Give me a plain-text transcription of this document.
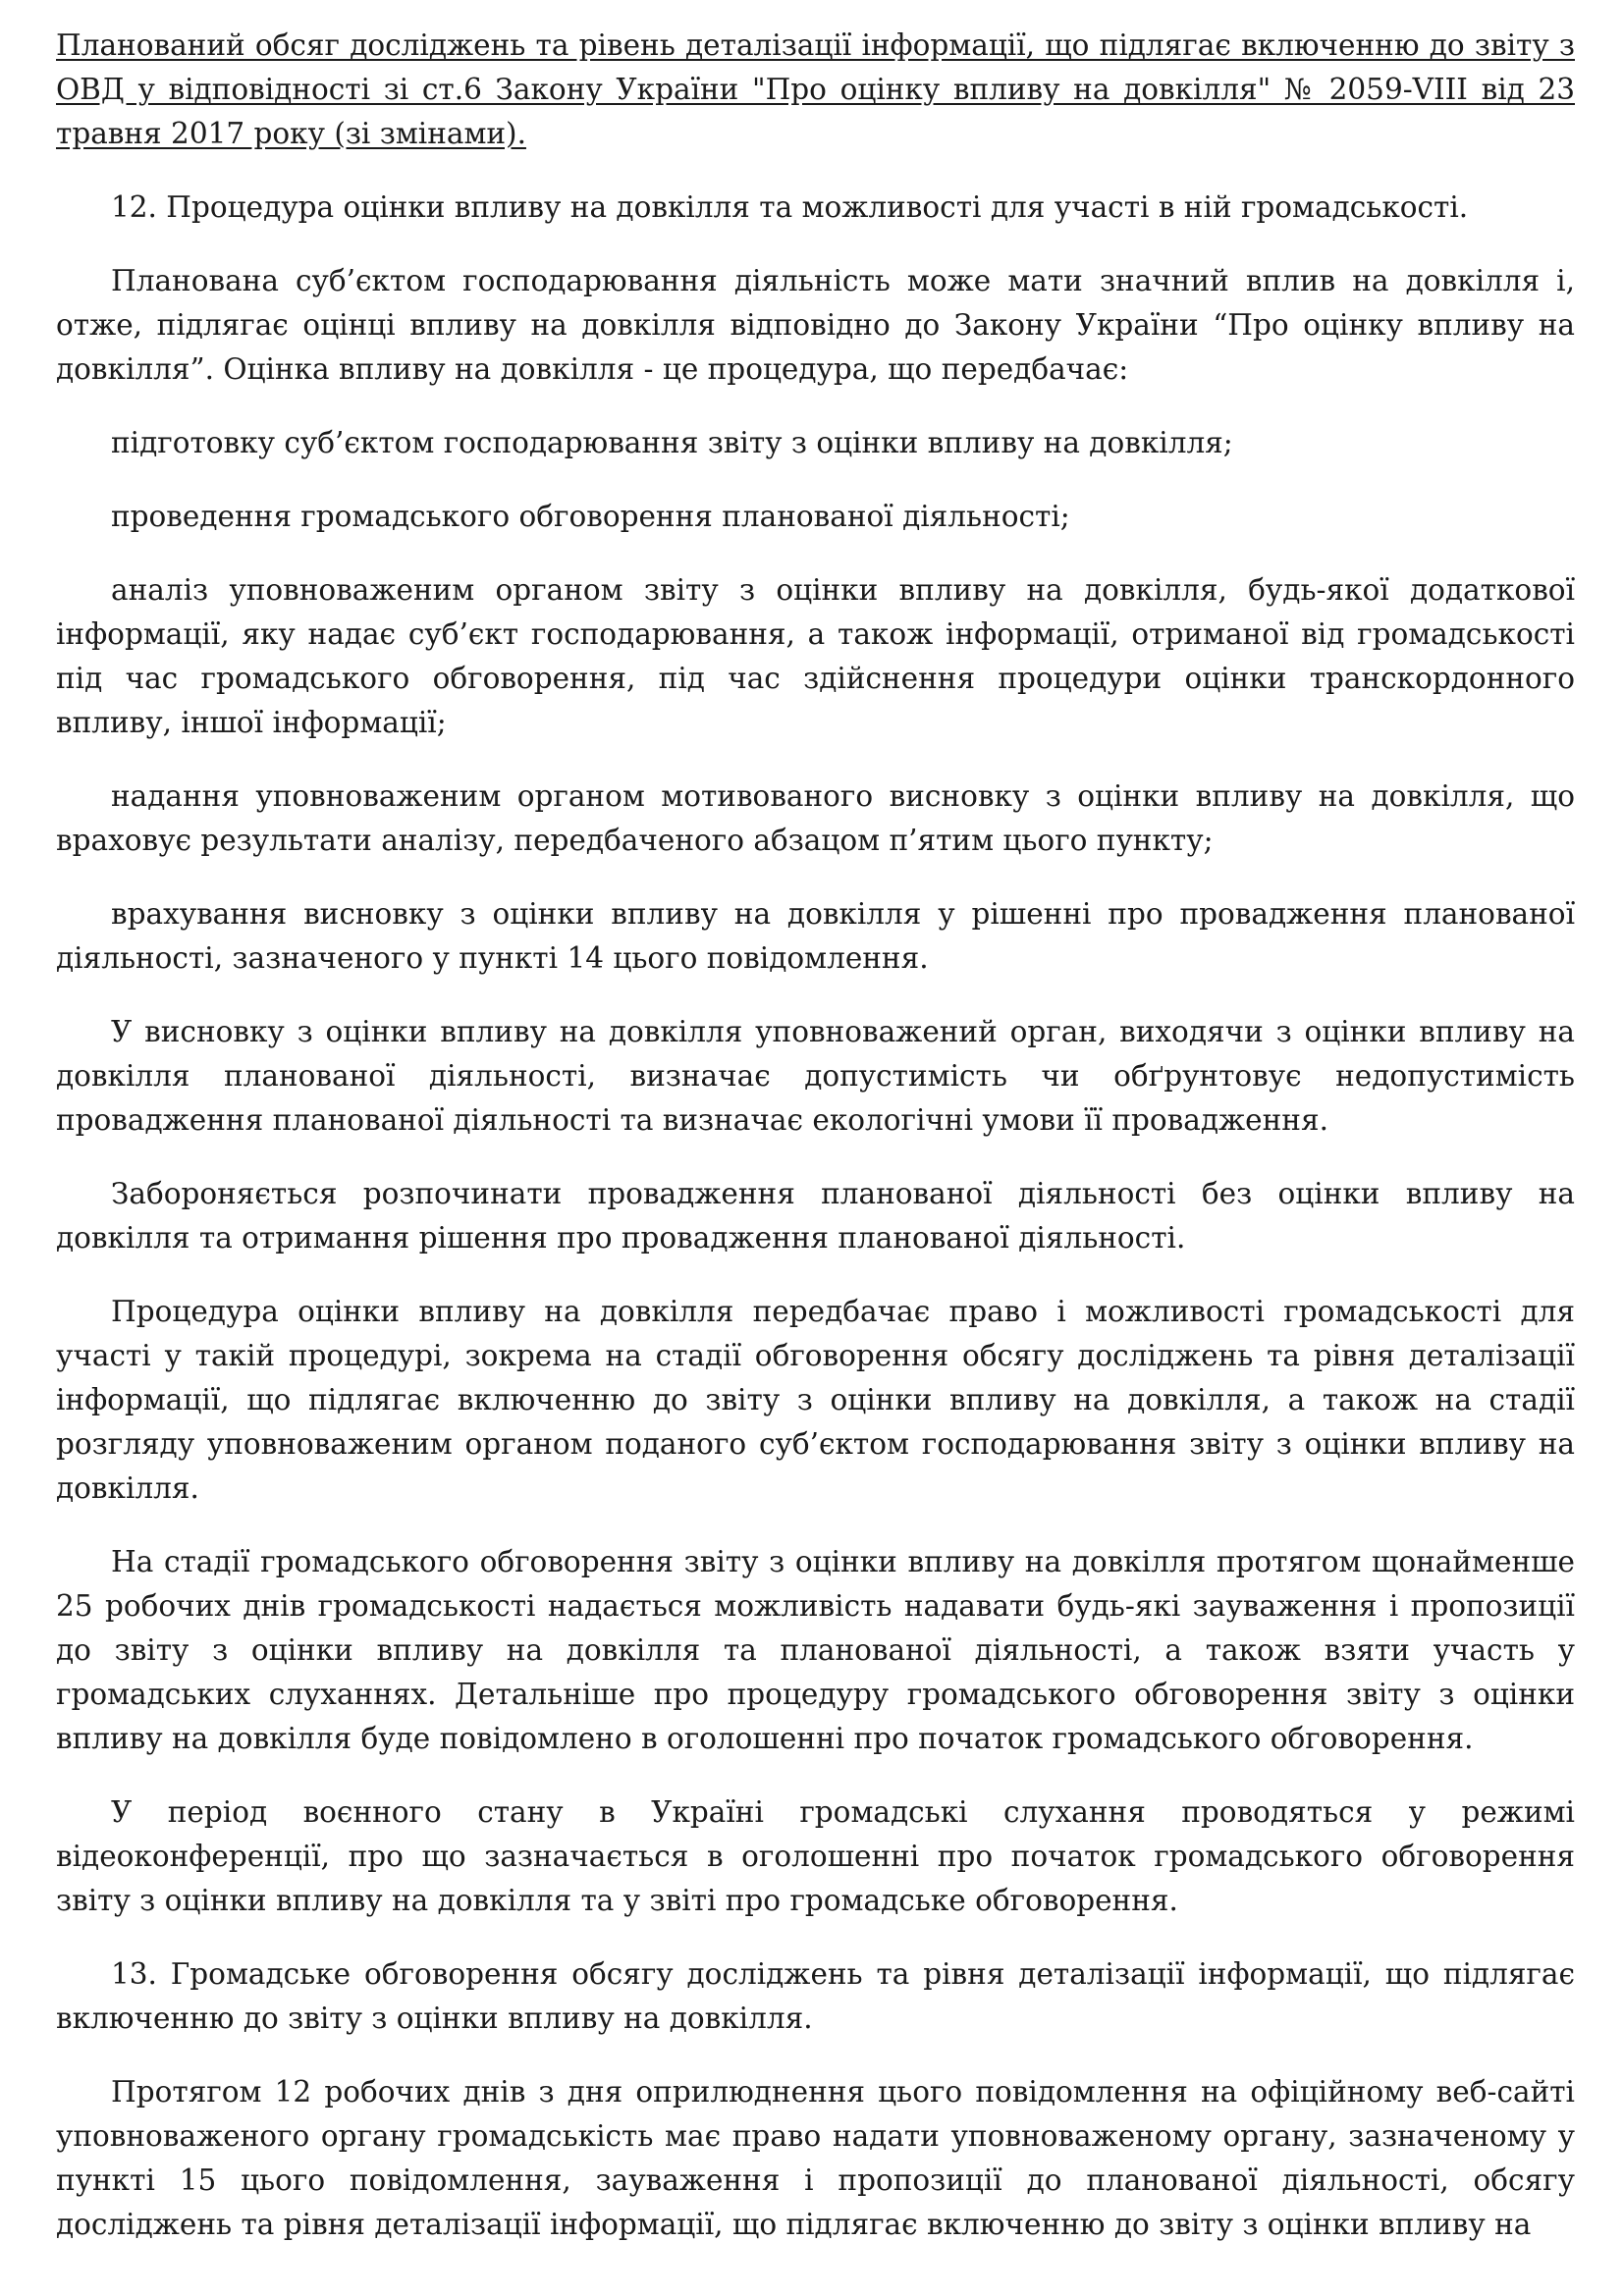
Планований обсяг досліджень та рівень деталізації інформації, що підлягає включенню до звіту з ОВД у відповідності зі ст.6 Закону України "Про оцінку впливу на довкілля" № 2059-VIII від 23 травня 2017 року (зі змінами).

12. Процедура оцінки впливу на довкілля та можливості для участі в ній громадськості.

Планована суб’єктом господарювання діяльність може мати значний вплив на довкілля і, отже, підлягає оцінці впливу на довкілля відповідно до Закону України “Про оцінку впливу на довкілля”. Оцінка впливу на довкілля - це процедура, що передбачає:

підготовку суб’єктом господарювання звіту з оцінки впливу на довкілля;

проведення громадського обговорення планованої діяльності;

аналіз уповноваженим органом звіту з оцінки впливу на довкілля, будь-якої додаткової інформації, яку надає суб’єкт господарювання, а також інформації, отриманої від громадськості під час громадського обговорення, під час здійснення процедури оцінки транскордонного впливу, іншої інформації;

надання уповноваженим органом мотивованого висновку з оцінки впливу на довкілля, що враховує результати аналізу, передбаченого абзацом п’ятим цього пункту;

врахування висновку з оцінки впливу на довкілля у рішенні про провадження планованої діяльності, зазначеного у пункті 14 цього повідомлення.

У висновку з оцінки впливу на довкілля уповноважений орган, виходячи з оцінки впливу на довкілля планованої діяльності, визначає допустимість чи обґрунтовує недопустимість провадження планованої діяльності та визначає екологічні умови її провадження.

Забороняється розпочинати провадження планованої діяльності без оцінки впливу на довкілля та отримання рішення про провадження планованої діяльності.

Процедура оцінки впливу на довкілля передбачає право і можливості громадськості для участі у такій процедурі, зокрема на стадії обговорення обсягу досліджень та рівня деталізації інформації, що підлягає включенню до звіту з оцінки впливу на довкілля, а також на стадії розгляду уповноваженим органом поданого суб’єктом господарювання звіту з оцінки впливу на довкілля.

На стадії громадського обговорення звіту з оцінки впливу на довкілля протягом щонайменше 25 робочих днів громадськості надається можливість надавати будь-які зауваження і пропозиції до звіту з оцінки впливу на довкілля та планованої діяльності, а також взяти участь у громадських слуханнях. Детальніше про процедуру громадського обговорення звіту з оцінки впливу на довкілля буде повідомлено в оголошенні про початок громадського обговорення.

У період воєнного стану в Україні громадські слухання проводяться у режимі відеоконференції, про що зазначається в оголошенні про початок громадського обговорення звіту з оцінки впливу на довкілля та у звіті про громадське обговорення.

13. Громадське обговорення обсягу досліджень та рівня деталізації інформації, що підлягає включенню до звіту з оцінки впливу на довкілля.

Протягом 12 робочих днів з дня оприлюднення цього повідомлення на офіційному веб-сайті уповноваженого органу громадськість має право надати уповноваженому органу, зазначеному у пункті 15 цього повідомлення, зауваження і пропозиції до планованої діяльності, обсягу досліджень та рівня деталізації інформації, що підлягає включенню до звіту з оцінки впливу на
